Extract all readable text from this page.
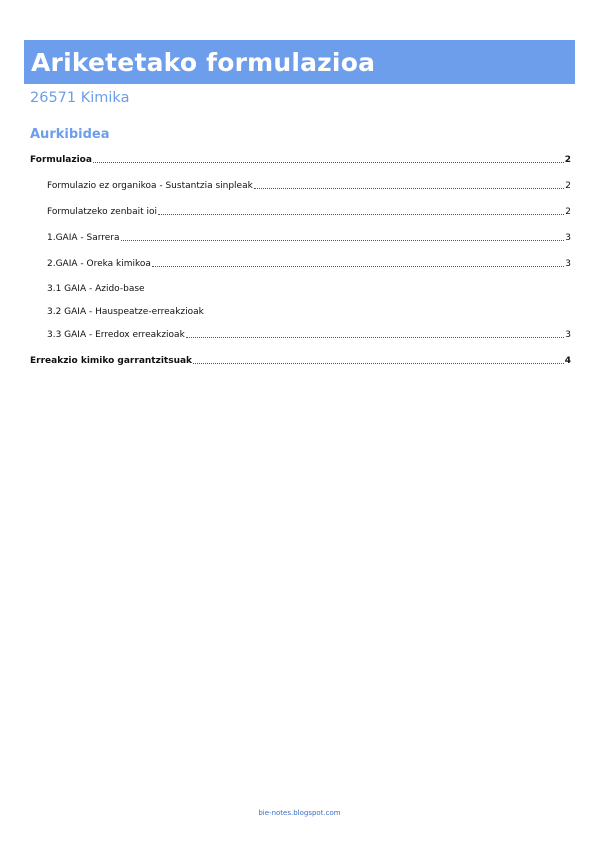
Ariketetako formulazioa
26571 Kimika
Aurkibidea
Formulazioa	2
Formulazio ez organikoa - Sustantzia sinpleak	2
Formulatzeko zenbait ioi	2
1.GAIA - Sarrera	3
2.GAIA - Oreka kimikoa	3
3.1 GAIA - Azido-base
3.2 GAIA - Hauspeatze-erreakzioak
3.3 GAIA - Erredox erreakzioak	3
Erreakzio kimiko garrantzitsuak	4
bie-notes.blogspot.com
